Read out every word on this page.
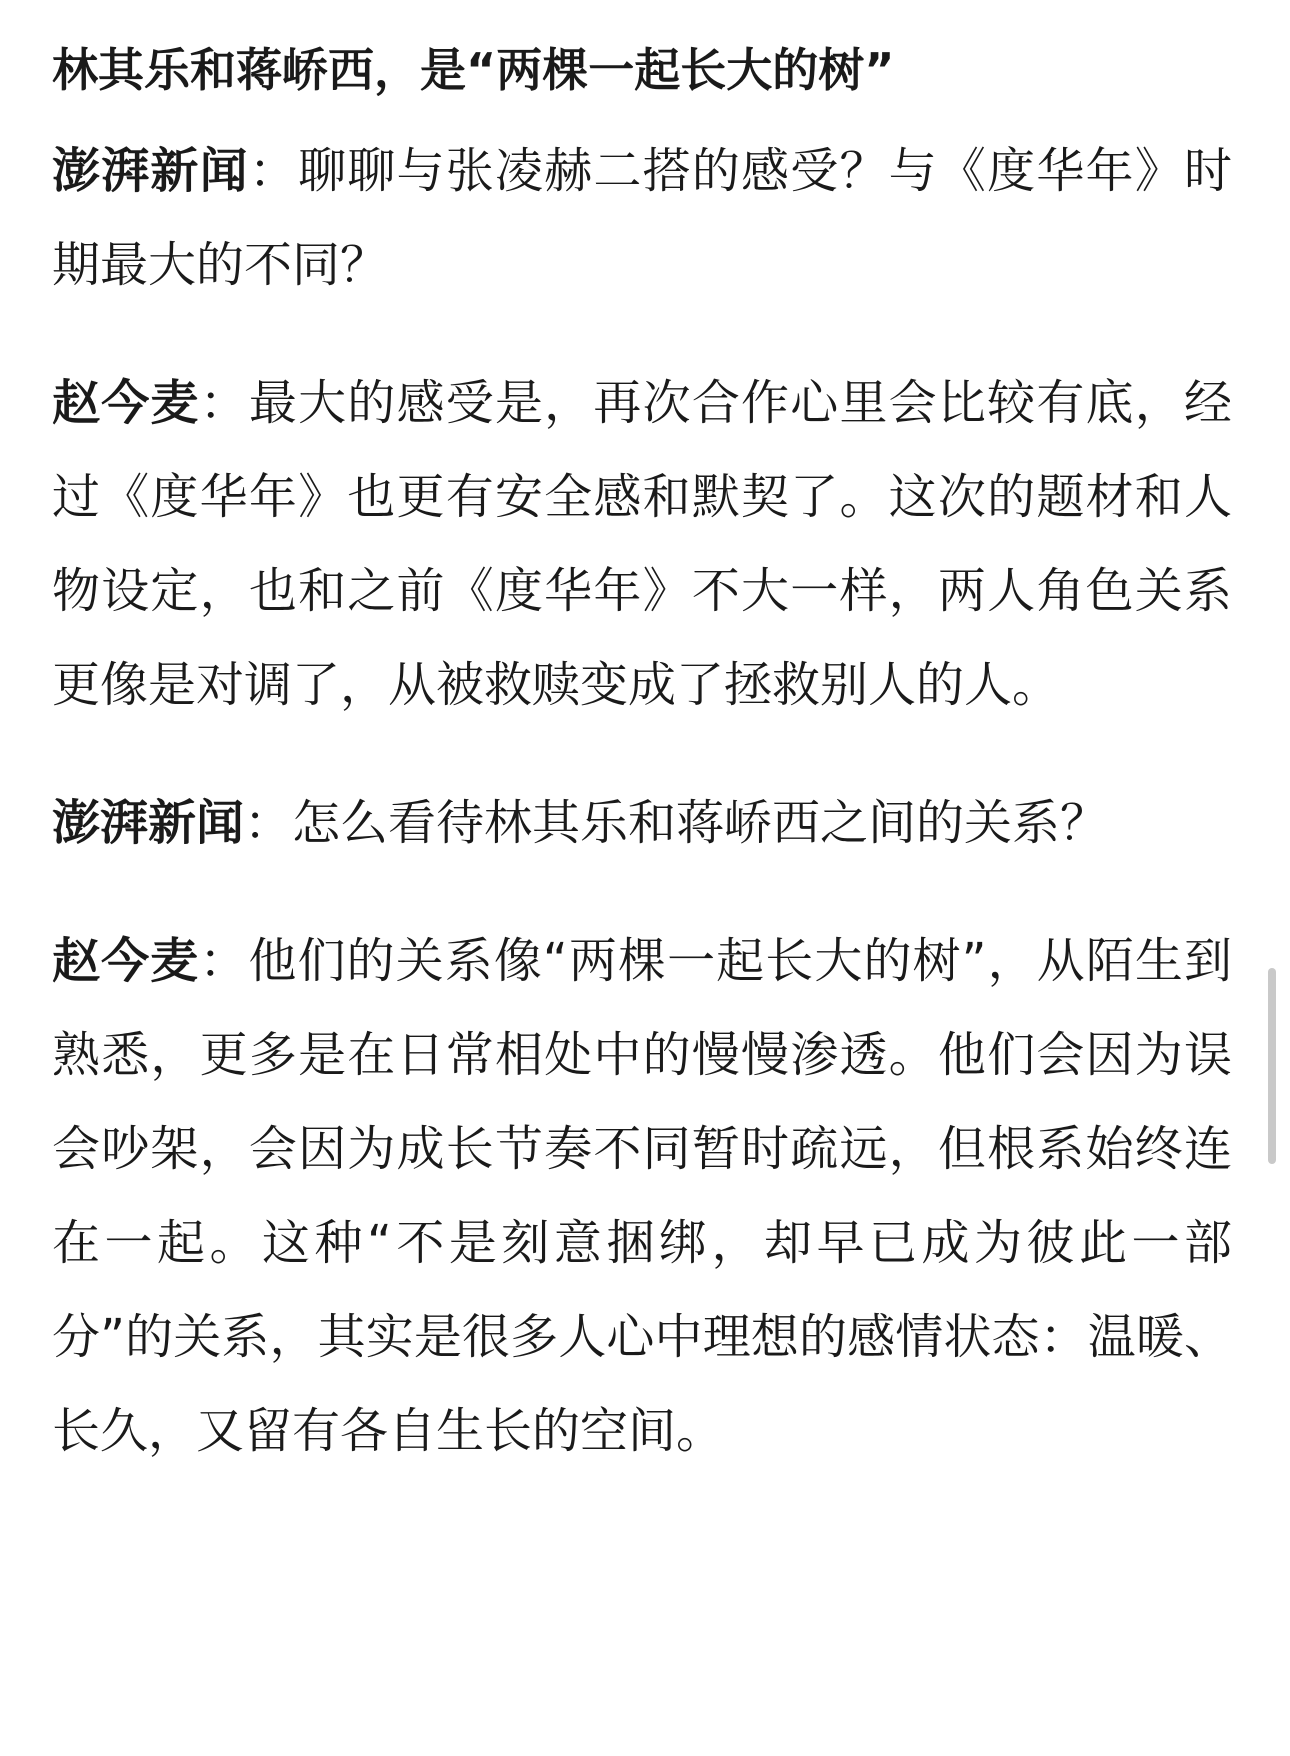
林其乐和蒋峤西，是“两棵一起长大的树”

澎湃新闻：聊聊与张凌赫二搭的感受？与《度华年》时期最大的不同？

赵今麦：最大的感受是，再次合作心里会比较有底，经过《度华年》也更有安全感和默契了。这次的题材和人物设定，也和之前《度华年》不大一样，两人角色关系更像是对调了，从被救赎变成了拯救别人的人。

澎湃新闻：怎么看待林其乐和蒋峤西之间的关系？

赵今麦：他们的关系像“两棵一起长大的树”，从陌生到熟悉，更多是在日常相处中的慢慢渗透。他们会因为误会吵架，会因为成长节奏不同暂时疏远，但根系始终连在一起。这种“不是刻意捆绑，却早已成为彼此一部分”的关系，其实是很多人心中理想的感情状态：温暖、长久，又留有各自生长的空间。
